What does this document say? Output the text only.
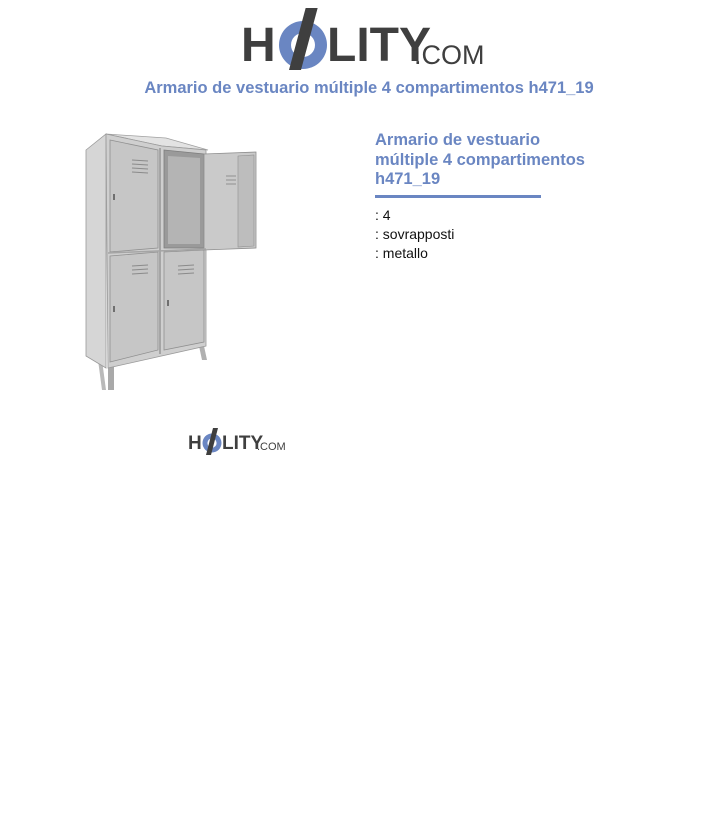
H LITY
.COM
Armario de vestuario múltiple 4 compartimentos h471_19
H LITY
.COM
Armario de vestuario
múltiple 4 compartimentos
h471_19
: 4
: sovrapposti
: metallo
